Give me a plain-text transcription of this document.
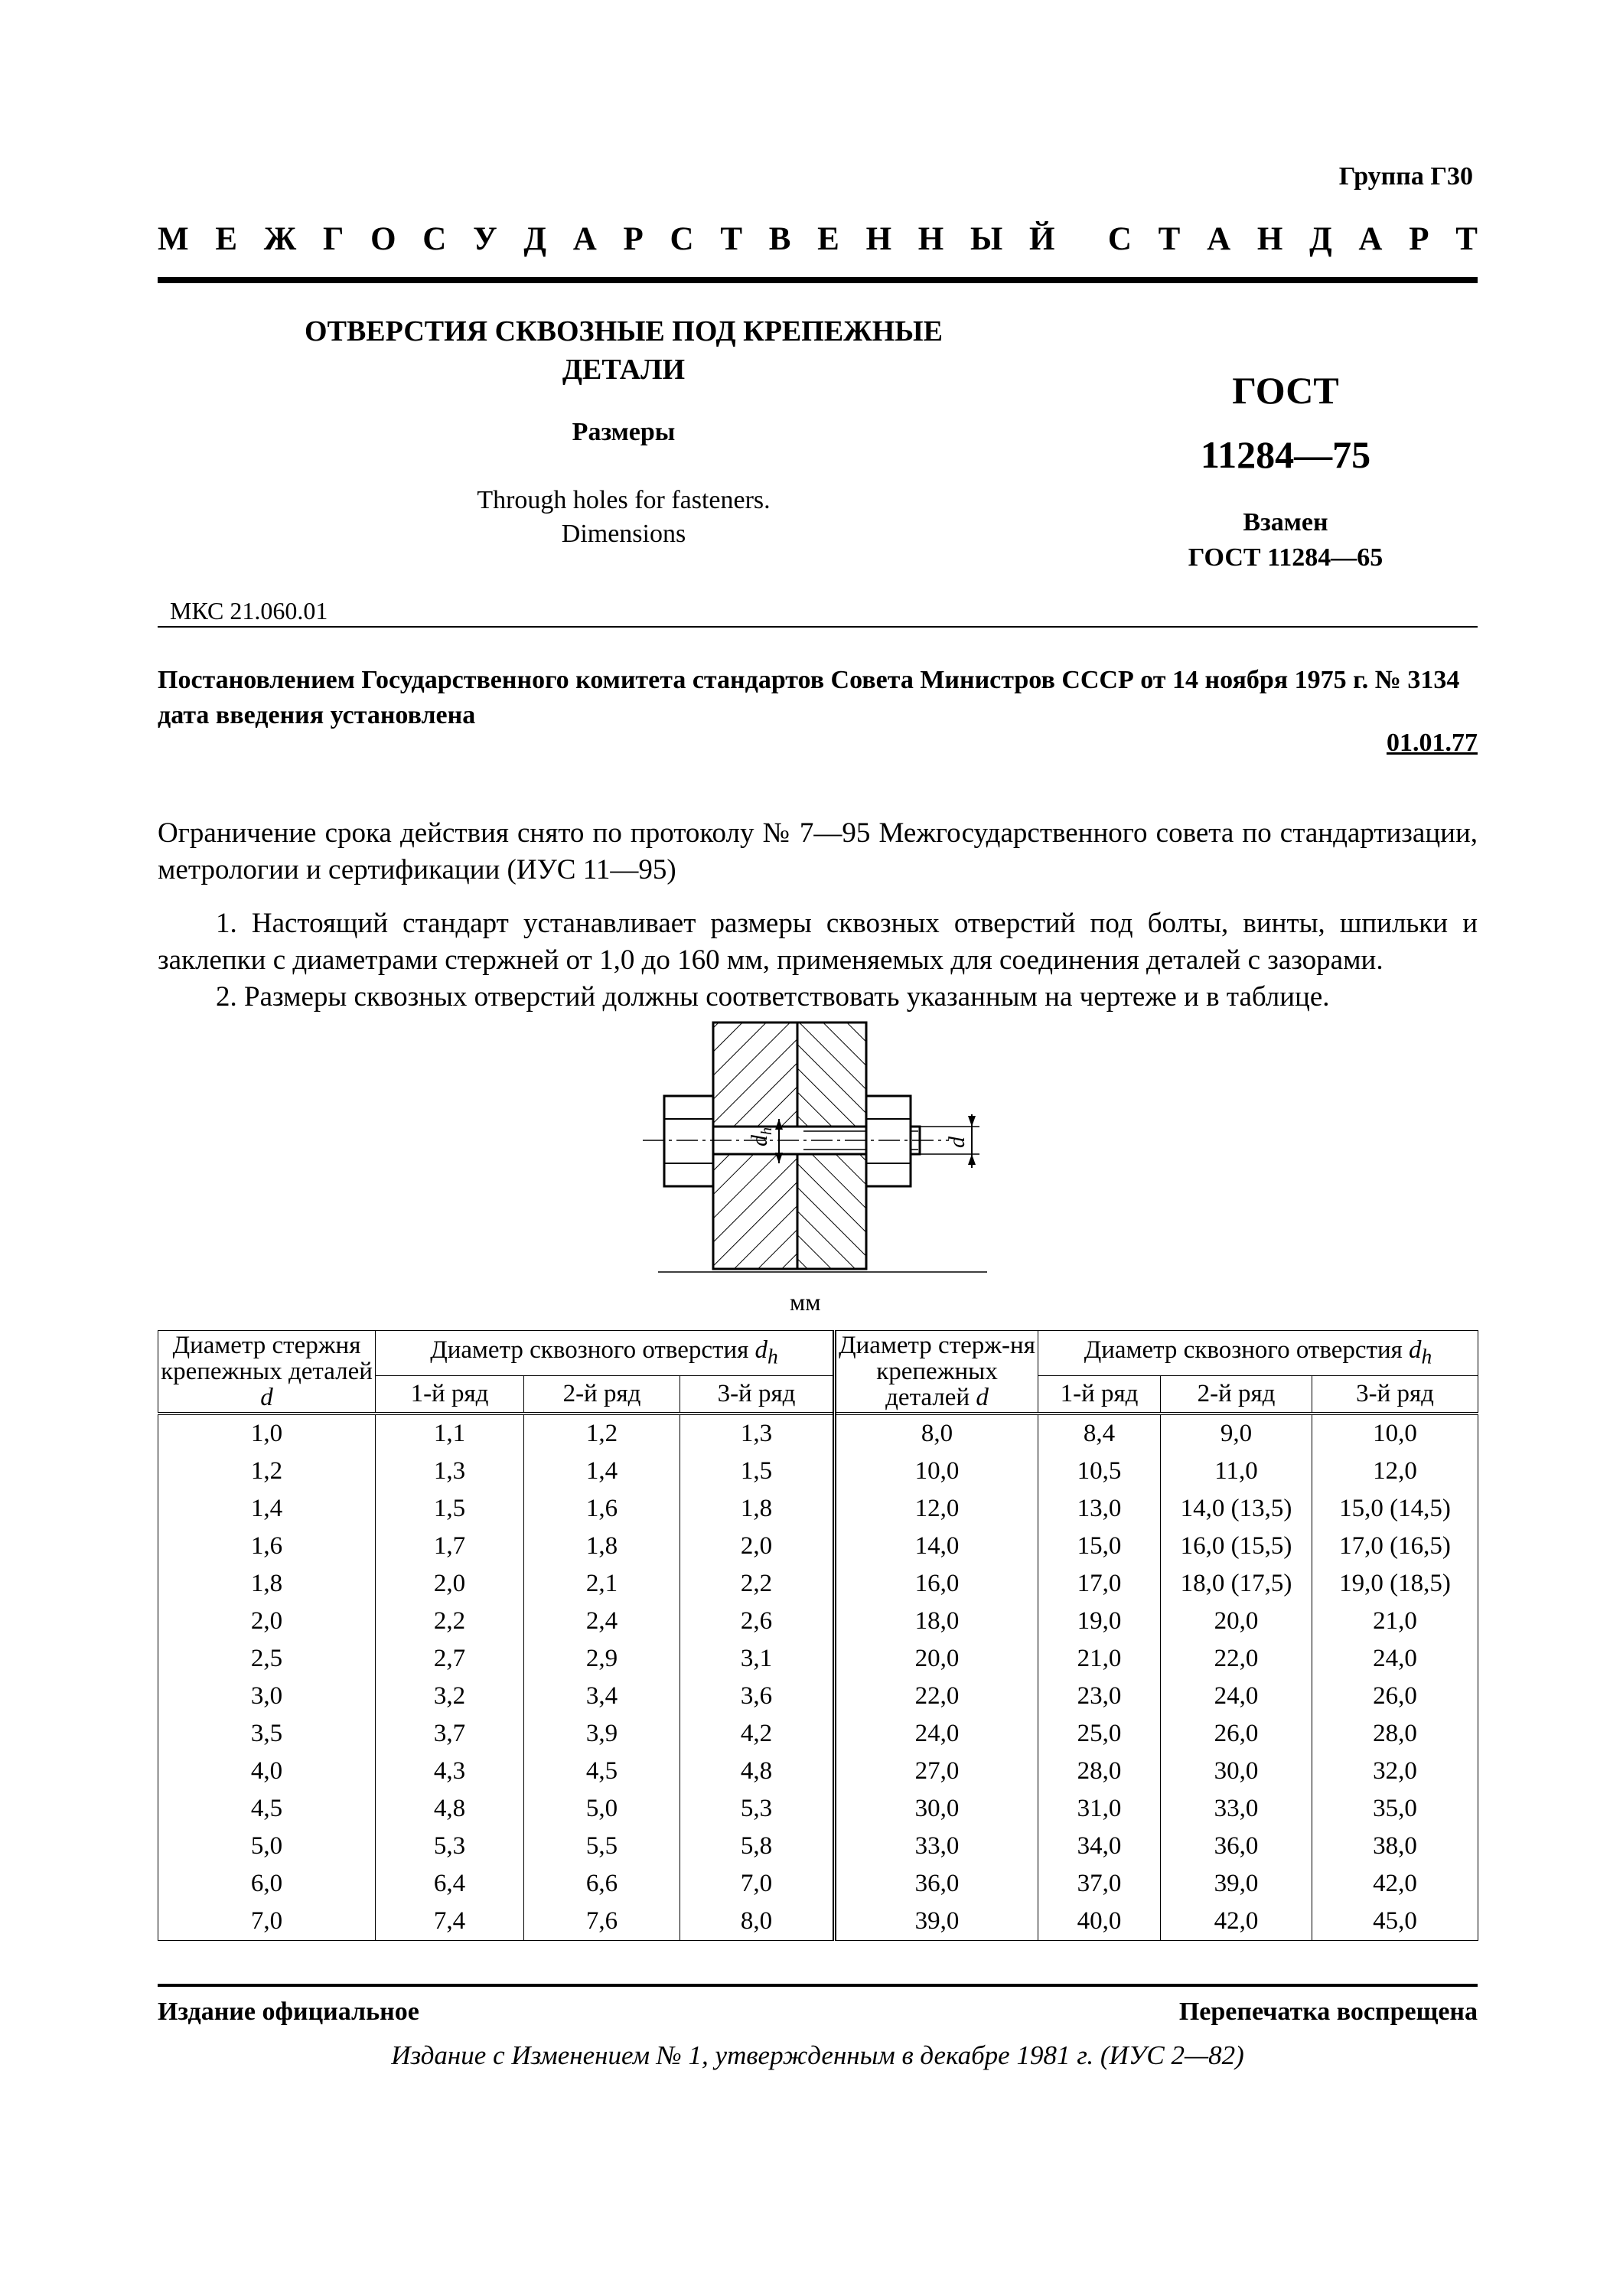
Группа Г30
М Е Ж Г О С У Д А Р С Т В Е Н Н Ы Й С Т А Н Д А Р Т
ОТВЕРСТИЯ СКВОЗНЫЕ ПОД КРЕПЕЖНЫЕ
ДЕТАЛИ
Размеры
Through holes for fasteners.
Dimensions
ГОСТ
11284—75
Взамен
ГОСТ 11284—65
МКС 21.060.01
Постановлением Государственного комитета стандартов Совета Министров СССР от 14 ноября 1975 г. № 3134 дата введения установлена
01.01.77
Ограничение срока действия снято по протоколу № 7—95 Межгосударственного совета по стандартизации, метрологии и сертификации (ИУС 11—95)
1. Настоящий стандарт устанавливает размеры сквозных отверстий под болты, винты, шпильки и заклепки с диаметрами стержней от 1,0 до 160 мм, применяемых для соединения деталей с зазорами.
2. Размеры сквозных отверстий должны соответствовать указанным на чертеже и в таблице.
$d_h$
d
мм
Диаметр стержня крепежных деталей d	Диаметр сквозного отверстия $d_h$			Диаметр стерж-ня крепежных деталей d	Диаметр сквозного отверстия $d_h$
	1-й ряд	2-й ряд	3-й ряд		1-й ряд	2-й ряд	3-й ряд
1,0	1,1	1,2	1,3	8,0	8,4	9,0	10,0
1,2	1,3	1,4	1,5	10,0	10,5	11,0	12,0
1,4	1,5	1,6	1,8	12,0	13,0	14,0 (13,5)	15,0 (14,5)
1,6	1,7	1,8	2,0	14,0	15,0	16,0 (15,5)	17,0 (16,5)
1,8	2,0	2,1	2,2	16,0	17,0	18,0 (17,5)	19,0 (18,5)
2,0	2,2	2,4	2,6	18,0	19,0	20,0	21,0
2,5	2,7	2,9	3,1	20,0	21,0	22,0	24,0
3,0	3,2	3,4	3,6	22,0	23,0	24,0	26,0
3,5	3,7	3,9	4,2	24,0	25,0	26,0	28,0
4,0	4,3	4,5	4,8	27,0	28,0	30,0	32,0
4,5	4,8	5,0	5,3	30,0	31,0	33,0	35,0
5,0	5,3	5,5	5,8	33,0	34,0	36,0	38,0
6,0	6,4	6,6	7,0	36,0	37,0	39,0	42,0
7,0	7,4	7,6	8,0	39,0	40,0	42,0	45,0
Издание официальное	Перепечатка воспрещена
Издание с Изменением № 1, утвержденным в декабре 1981 г. (ИУС 2—82)
